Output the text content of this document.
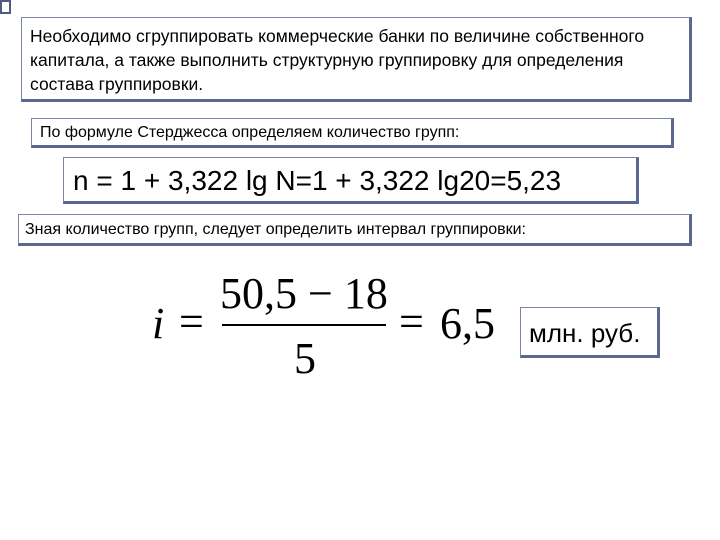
Необходимо сгруппировать коммерческие банки по величине собственного капитала, а также выполнить структурную группировку для определения состава группировки.
По формуле Стерджесса определяем количество групп:
n = 1 + 3,322 lg N=1 + 3,322 lg20=5,23
Зная количество групп, следует определить интервал группировки:
i =
50,5 − 18
5
= 6,5	млн. руб.
